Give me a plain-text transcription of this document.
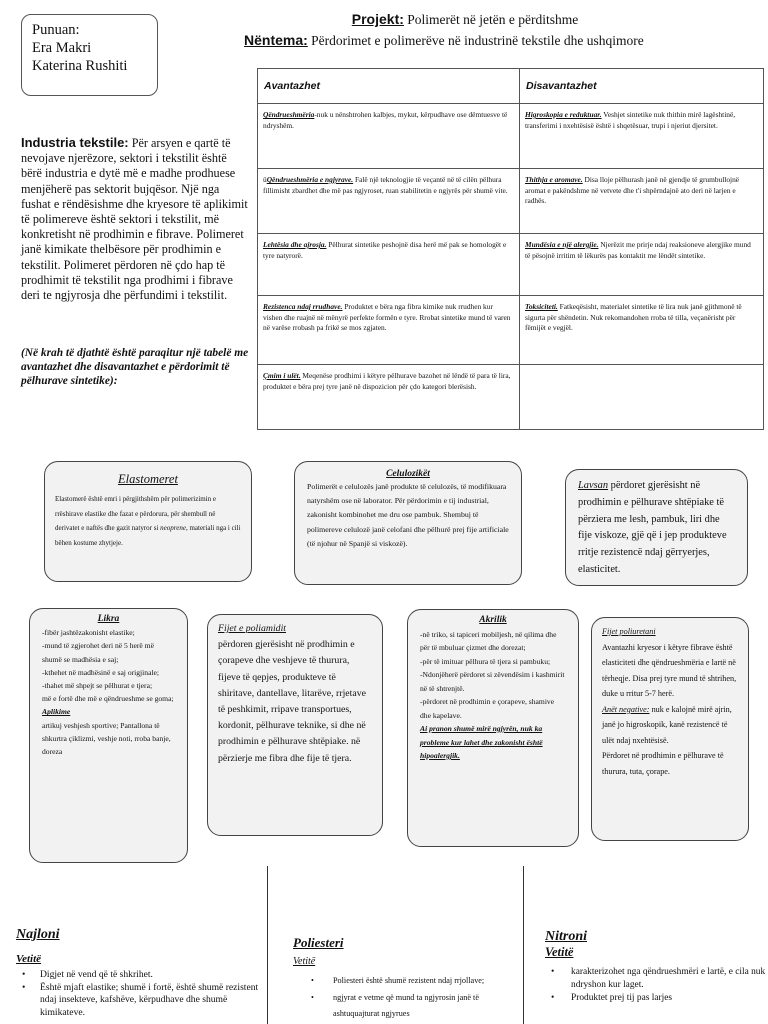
Punuan:
Era Makri
Katerina Rushiti
Projekt: Polimerët në jetën e përditshme
Nëntema: Përdorimet e polimerëve në industrinë tekstile dhe ushqimore
Avantazhet	Disavantazhet
Qëndrueshmëria-nuk u nënshtrohen kalbjes, mykut, kërpudhave ose dëmtuesve të ndryshëm.	Higroskopia e reduktuar. Veshjet sintetike nuk thithin mirë lagështinë, transferimi i nxehtësisë është i shqetësuar, trupi i njeriut djersitet.
üQëndrueshmëria e ngjyrave. Falë një teknologjie të veçantë në të cilën pëlhura fillimisht zbardhet dhe më pas ngjyroset, ruan stabilitetin e ngjyrës për shumë vite.	Thithja e aromave. Disa lloje pëlhurash janë në gjendje të grumbullojnë aromat e pakëndshme në vetvete dhe t'i shpërndajnë ato deri në larjen e radhës.
Lehtësia dhe ajrosja. Pëlhurat sintetike peshojnë disa herë më pak se homologët e tyre natyrorë.	Mundësia e një alergjie. Njerëzit me prirje ndaj reaksioneve alergjike mund të pësojnë irritim të lëkurës pas kontaktit me lëndët sintetike.
Rezistenca ndaj rrudhave. Produktet e bëra nga fibra kimike nuk rrudhen kur vishen dhe ruajnë në mënyrë perfekte formën e tyre. Rrobat sintetike mund të varen në varëse rrobash pa frikë se mos zgjaten.	Toksiciteti. Fatkeqësisht, materialet sintetike të lira nuk janë gjithmonë të sigurta për shëndetin. Nuk rekomandohen rroba të tilla, veçanërisht për fëmijët e vegjël.
Çmim i ulët. Meqenëse prodhimi i këtyre pëlhurave bazohet në lëndë të para të lira, produktet e bëra prej tyre janë në dispozicion për çdo kategori blerësish.	
Industria tekstile: Për arsyen e qartë të nevojave njerëzore, sektori i tekstilit është bërë industria e dytë më e madhe prodhuese menjëherë pas sektorit bujqësor. Një nga fushat e rëndësishme dhe kryesore të aplikimit të polimereve është sektori i tekstilit, më konkretisht në prodhimin e fibrave. Polimeret janë kimikate thelbësore për prodhimin e tekstilit. Polimeret përdoren në çdo hap të prodhimit të tekstilit nga prodhimi i fibrave deri te ngjyrosja dhe përfundimi i tekstilit.
(Në krah të djathtë është paraqitur një tabelë me avantazhet dhe disavantazhet e përdorimit të pëlhurave sintetike):
Elastomeret

Elastomerë është emri i përgjithshëm për polimerizimin e rrëshirave elastike dhe fazat e përdorura, për shembull në derivatet e naftës dhe gazit natyror si neoprene, materiali nga i cili bëhen kostume zhytjeje.

Celulozikët

Polimerët e celulozës janë produkte të celulozës, të modifikuara natyrshëm ose në laborator. Për përdorimin e tij industrial, zakonisht kombinohet me dru ose pambuk. Shembuj të polimereve celulozë janë celofani dhe pëlhurë prej fije artificiale (të njohur në Spanjë si viskozë).

Lavsan përdoret gjerësisht në prodhimin e pëlhurave shtëpiake të përziera me lesh, pambuk, liri dhe fije viskoze, gjë që i jep produkteve rritje rezistencë ndaj gërryerjes, elasticitet.

Likra

-fibër jashtëzakonisht elastike;

-mund të zgjerohet deri në 5 herë më shumë se madhësia e saj;

-kthehet në madhësinë e saj origjinale;

-thahet më shpejt se pëlhurat e tjera;

më e fortë dhe më e qëndrueshme se goma;

Aplikime

artikuj veshjesh sportive; Pantallona të shkurtra çiklizmi, veshje noti, rroba banje, doreza

Fijet e poliamidit

përdoren gjerësisht në prodhimin e çorapeve dhe veshjeve të thurura, fijeve të qepjes, produkteve të shiritave, dantellave, litarëve, rrjetave të peshkimit, rripave transportues, kordonit, pëlhurave teknike, si dhe në prodhimin e pëlhurave shtëpiake. në përzierje me fibra dhe fije të tjera.

Akrilik

-në triko, si tapiceri mobiljesh, në qilima dhe për të mbuluar çizmet dhe dorezat;

-për të imituar pëlhura të tjera si pambuku;

-Ndonjëherë përdoret si zëvendësim i kashmirit në të shtrenjtë.

-përdoret në prodhimin e çorapeve, shamive dhe kapelave.

Ai pranon shumë mirë ngjyrën, nuk ka probleme kur lahet dhe zakonisht është hipoalergjik.

Fijet poliuretani

Avantazhi kryesor i këtyre fibrave është elasticiteti dhe qëndrueshmëria e lartë në tërheqje. Disa prej tyre mund të shtrihen, duke u rritur 5-7 herë.

Anët negative: nuk e kalojnë mirë ajrin, janë jo higroskopik, kanë rezistencë të ulët ndaj nxehtësisë.

Përdoret në prodhimin e pëlhurave të thurura, tuta, çorape.

Najloni
Vetitë
• Digjet në vend që të shkrihet.
• Është mjaft elastike; shumë i fortë, është shumë rezistent ndaj insekteve, kafshëve, kërpudhave dhe shumë kimikateve.
Poliesteri
Vetitë
• Poliesteri është shumë rezistent ndaj rrjollave;
• ngjyrat e vetme që mund ta ngjyrosin janë të ashtuquajturat ngjyrues
Nitroni
Vetitë
• karakterizohet nga qëndrueshmëri e lartë, e cila nuk ndryshon kur laget.
• Produktet prej tij pas larjes
